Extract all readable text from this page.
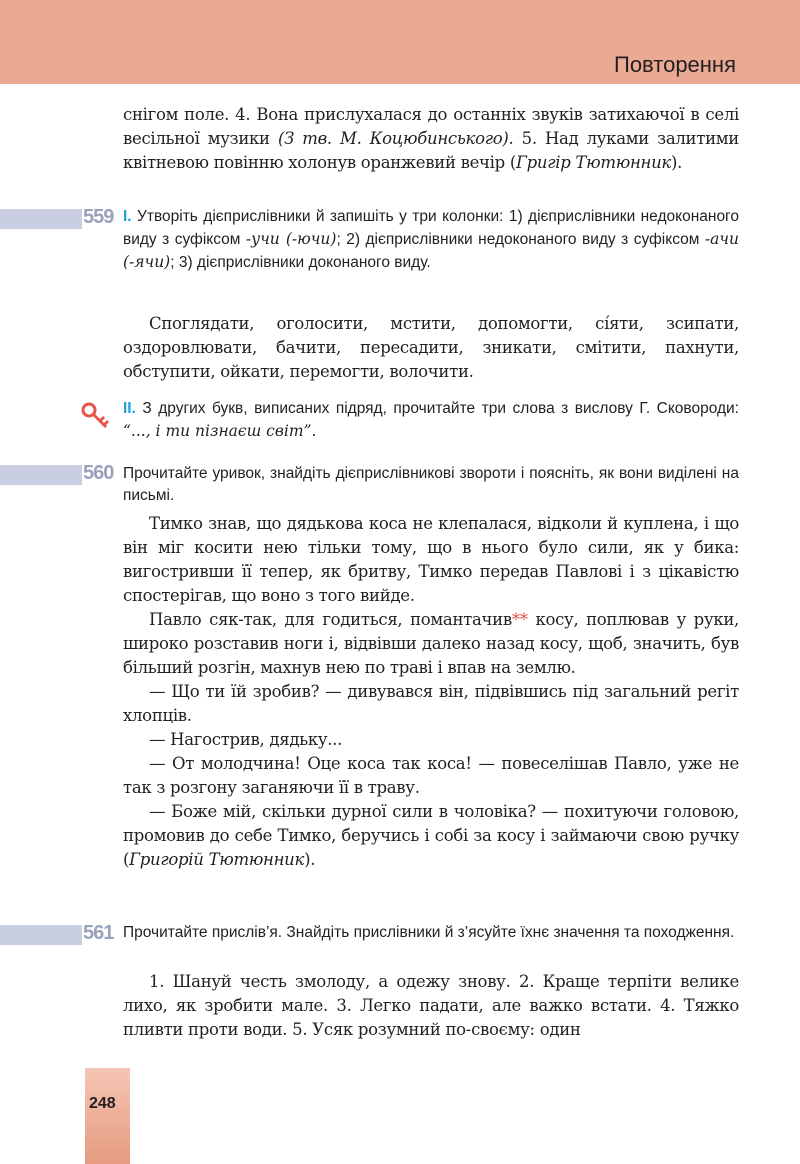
Повторення

снігом поле. 4. Вона прислухалася до останніх звуків затихаючої в селі весільної музики (З тв. М. Коцюбинського). 5. Над луками залитими квітневою повінню холонув оранжевий вечір (Григір Тютюнник).

559 I. Утворіть дієприслівники й запишіть у три колонки: 1) дієприслівники недоконаного виду з суфіксом -учи (-ючи); 2) дієприслівники недоконаного виду з суфіксом -ачи (-ячи); 3) дієприслівники доконаного виду.

Споглядати, оголосити, мстити, допомогти, сі́яти, зсипати, оздоровлювати, бачити, пересадити, зникати, смітити, пахнути, обступити, ойкати, перемогти, волочити.

II. З других букв, виписаних підряд, прочитайте три слова з вислову Г. Сковороди: “..., і ти пізнаєш світ”.
560 Прочитайте уривок, знайдіть дієприслівникові звороти і поясніть, як вони виділені на письмі.

Тимко знав, що дядькова коса не клепалася, відколи й куплена, і що він міг косити нею тільки тому, що в нього було сили, як у бика: вигостривши її тепер, як бритву, Тимко передав Павлові і з цікавістю спостерігав, що воно з того вийде.

Павло сяк-так, для годиться, помантачив** косу, поплював у руки, широко розставив ноги і, відвівши далеко назад косу, щоб, значить, був більший розгін, махнув нею по траві і впав на землю.

— Що ти їй зробив? — дивувався він, підвівшись під загальний регіт хлопців.

— Нагострив, дядьку...

— От молодчина! Оце коса так коса! — повеселішав Павло, уже не так з розгону заганяючи її в траву.

— Боже мій, скільки дурної сили в чоловіка? — похитуючи головою, промовив до себе Тимко, беручись і собі за косу і займаючи свою ручку (Григорій Тютюнник).

561 Прочитайте прислів’я. Знайдіть прислівники й з’ясуйте їхнє значення та походження.

1. Шануй честь змолоду, а одежу знову. 2. Краще терпіти велике лихо, як зробити мале. 3. Легко падати, але важко встати. 4. Тяжко пливти проти води. 5. Усяк розумний по-своєму: один

248
